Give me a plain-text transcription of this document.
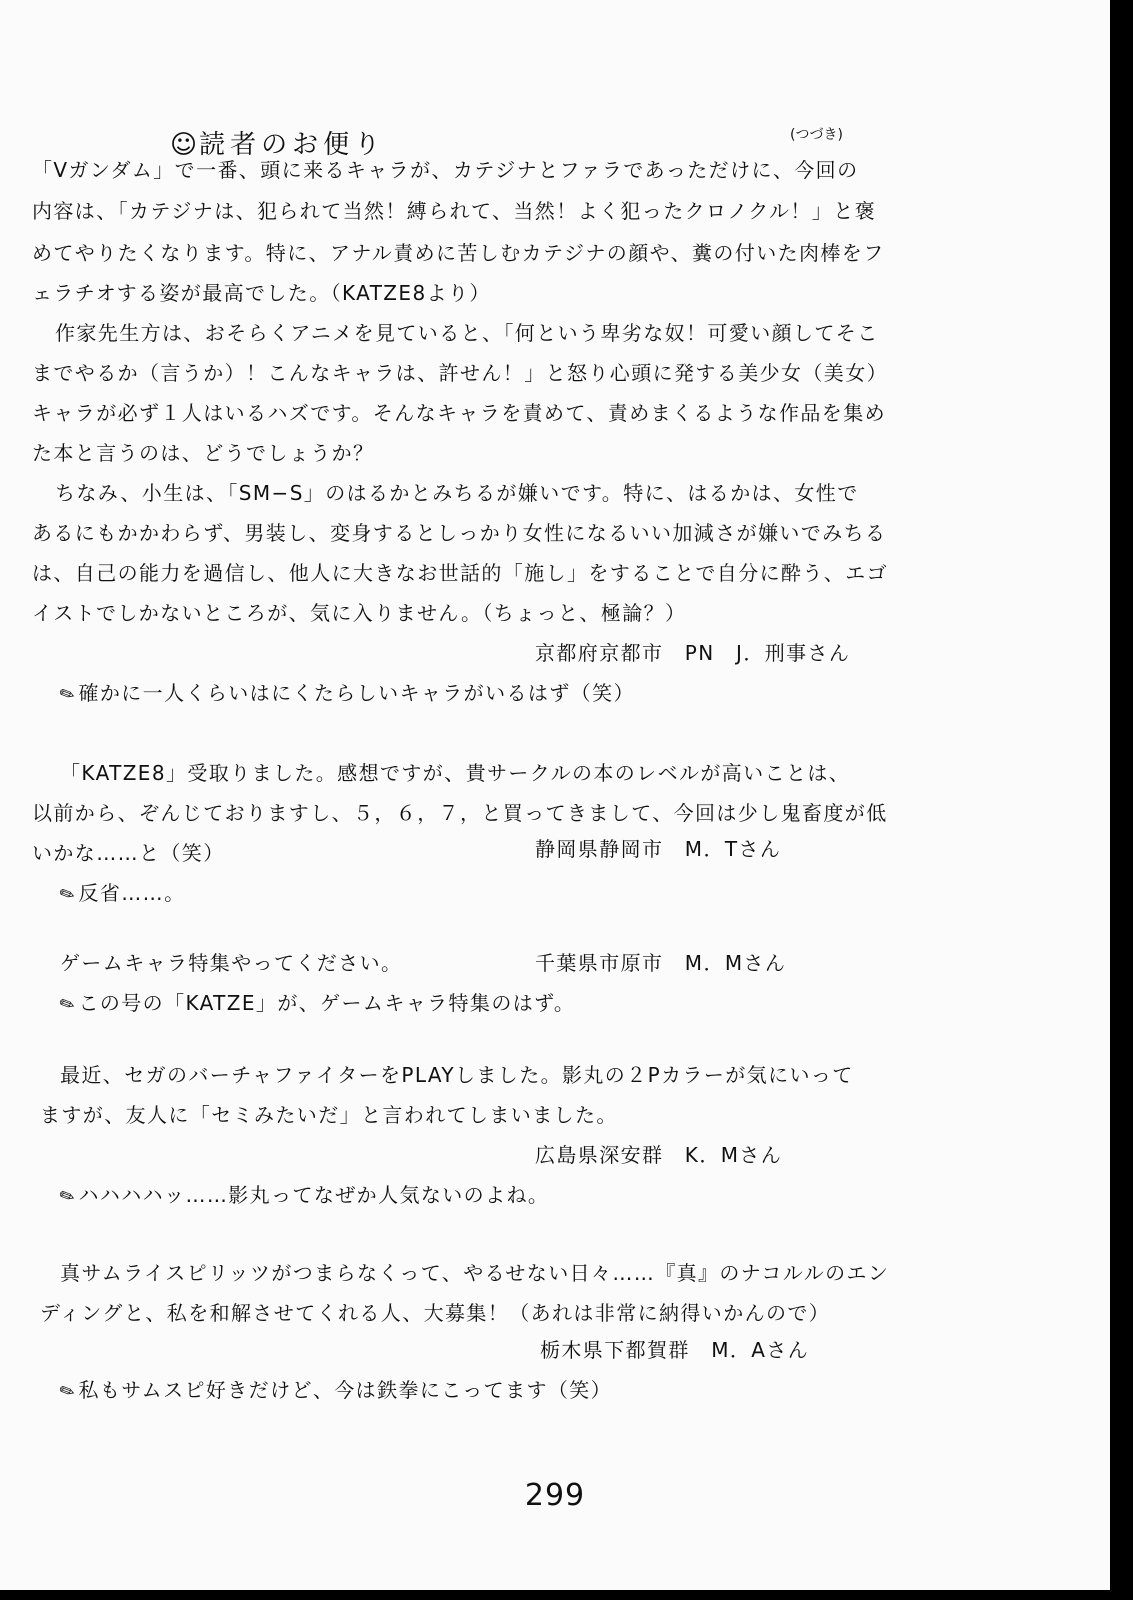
☺読者のお便り	(つづき)
「Vガンダム」で一番、頭に来るキャラが、カテジナとファラであっただけに、今回の
内容は、「カテジナは、犯られて当然！縛られて、当然！よく犯ったクロノクル！」と褒
めてやりたくなります。特に、アナル責めに苦しむカテジナの顔や、糞の付いた肉棒をフ
ェラチオする姿が最高でした。（KATZE8より）
作家先生方は、おそらくアニメを見ていると、「何という卑劣な奴！可愛い顔してそこ
までやるか（言うか）！こんなキャラは、許せん！」と怒り心頭に発する美少女（美女）
キャラが必ず１人はいるハズです。そんなキャラを責めて、責めまくるような作品を集め
た本と言うのは、どうでしょうか？
ちなみ、小生は、「SM−S」のはるかとみちるが嫌いです。特に、はるかは、女性で
あるにもかかわらず、男装し、変身するとしっかり女性になるいい加減さが嫌いでみちる
は、自己の能力を過信し、他人に大きなお世話的「施し」をすることで自分に酔う、エゴ
イストでしかないところが、気に入りません。（ちょっと、極論？）
京都府京都市　PN　J．刑事さん
✎確かに一人くらいはにくたらしいキャラがいるはず（笑）
「KATZE8」受取りました。感想ですが、貴サークルの本のレベルが高いことは、
以前から、ぞんじておりますし、５，６，７，と買ってきまして、今回は少し鬼畜度が低
いかな……と（笑）	静岡県静岡市　M．Tさん
✎反省……。
ゲームキャラ特集やってください。	千葉県市原市　M．Mさん
✎この号の「KATZE」が、ゲームキャラ特集のはず。
最近、セガのバーチャファイターをPLAYしました。影丸の２Pカラーが気にいって
ますが、友人に「セミみたいだ」と言われてしまいました。
広島県深安群　K．Mさん
✎ハハハハッ……影丸ってなぜか人気ないのよね。
真サムライスピリッツがつまらなくって、やるせない日々……『真』のナコルルのエン
ディングと、私を和解させてくれる人、大募集！（あれは非常に納得いかんので）
栃木県下都賀群　M．Aさん
✎私もサムスピ好きだけど、今は鉄拳にこってます（笑）
299
